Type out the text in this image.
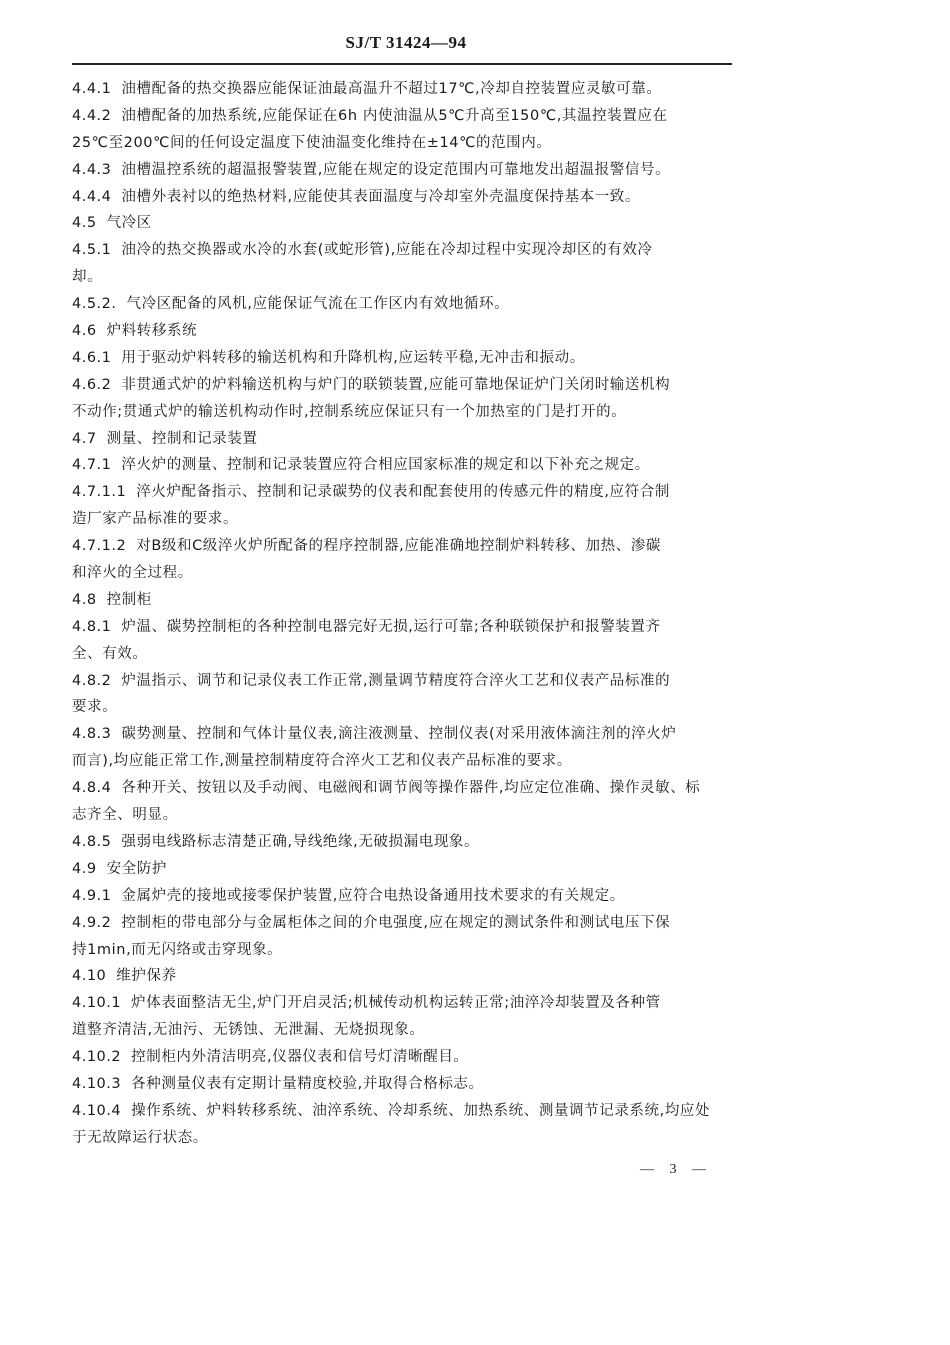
SJ/T 31424—94
4.4.1 油槽配备的热交换器应能保证油最高温升不超过17℃,冷却自控装置应灵敏可靠。
4.4.2 油槽配备的加热系统,应能保证在6h 内使油温从5℃升高至150℃,其温控装置应在
25℃至200℃间的任何设定温度下使油温变化维持在±14℃的范围内。
4.4.3 油槽温控系统的超温报警装置,应能在规定的设定范围内可靠地发出超温报警信号。
4.4.4 油槽外表衬以的绝热材料,应能使其表面温度与冷却室外壳温度保持基本一致。
4.5 气冷区
4.5.1 油冷的热交换器或水冷的水套(或蛇形管),应能在冷却过程中实现冷却区的有效冷
却。
4.5.2. 气冷区配备的风机,应能保证气流在工作区内有效地循环。
4.6 炉料转移系统
4.6.1 用于驱动炉料转移的输送机构和升降机构,应运转平稳,无冲击和振动。
4.6.2 非贯通式炉的炉料输送机构与炉门的联锁装置,应能可靠地保证炉门关闭时输送机构
不动作;贯通式炉的输送机构动作时,控制系统应保证只有一个加热室的门是打开的。
4.7 测量、控制和记录装置
4.7.1 淬火炉的测量、控制和记录装置应符合相应国家标准的规定和以下补充之规定。
4.7.1.1 淬火炉配备指示、控制和记录碳势的仪表和配套使用的传感元件的精度,应符合制
造厂家产品标准的要求。
4.7.1.2 对B级和C级淬火炉所配备的程序控制器,应能准确地控制炉料转移、加热、渗碳
和淬火的全过程。
4.8 控制柜
4.8.1 炉温、碳势控制柜的各种控制电器完好无损,运行可靠;各种联锁保护和报警装置齐
全、有效。
4.8.2 炉温指示、调节和记录仪表工作正常,测量调节精度符合淬火工艺和仪表产品标准的
要求。
4.8.3 碳势测量、控制和气体计量仪表,滴注液测量、控制仪表(对采用液体滴注剂的淬火炉
而言),均应能正常工作,测量控制精度符合淬火工艺和仪表产品标准的要求。
4.8.4 各种开关、按钮以及手动阀、电磁阀和调节阀等操作器件,均应定位准确、操作灵敏、标
志齐全、明显。
4.8.5 强弱电线路标志清楚正确,导线绝缘,无破损漏电现象。
4.9 安全防护
4.9.1 金属炉壳的接地或接零保护装置,应符合电热设备通用技术要求的有关规定。
4.9.2 控制柜的带电部分与金属柜体之间的介电强度,应在规定的测试条件和测试电压下保
持1min,而无闪络或击穿现象。
4.10 维护保养
4.10.1 炉体表面整洁无尘,炉门开启灵活;机械传动机构运转正常;油淬冷却装置及各种管
道整齐清洁,无油污、无锈蚀、无泄漏、无烧损现象。
4.10.2 控制柜内外清洁明亮,仪器仪表和信号灯清晰醒目。
4.10.3 各种测量仪表有定期计量精度校验,并取得合格标志。
4.10.4 操作系统、炉料转移系统、油淬系统、冷却系统、加热系统、测量调节记录系统,均应处
于无故障运行状态。
— 3 —
